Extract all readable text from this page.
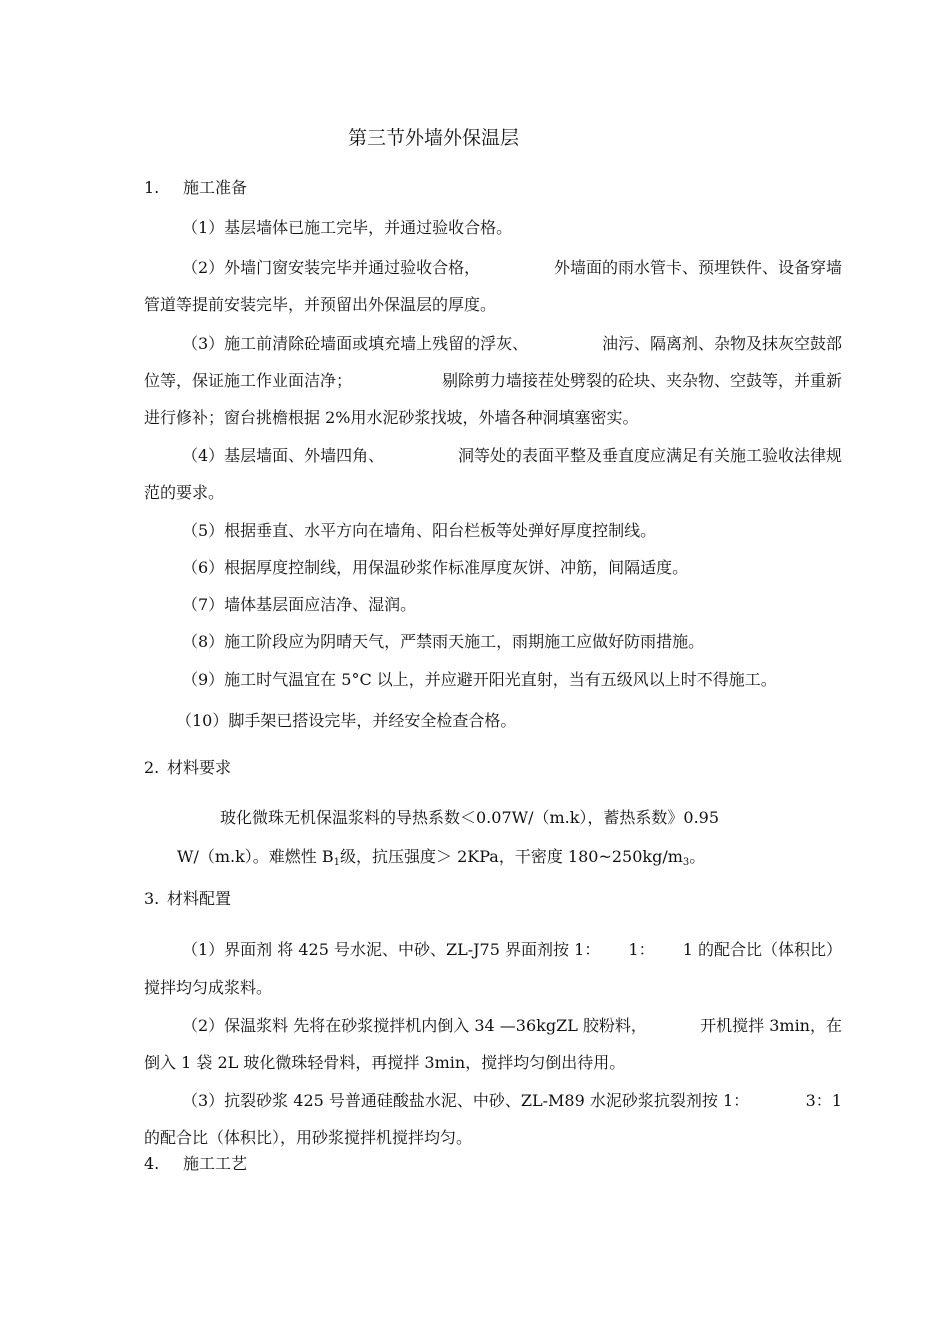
第三节外墙外保温层
1. 施工准备
（1）基层墙体已施工完毕，并通过验收合格。
（2）外墙门窗安装完毕并通过验收合格，	外墙面的雨水管卡、预埋铁件、设备穿墙
管道等提前安装完毕，并预留出外保温层的厚度。
（3）施工前清除砼墙面或填充墙上残留的浮灰、	油污、隔离剂、杂物及抹灰空鼓部
位等，保证施工作业面洁净；	剔除剪力墙接茬处劈裂的砼块、夹杂物、空鼓等，并重新
进行修补；窗台挑檐根据 2%用水泥砂浆找坡，外墙各种洞填塞密实。
（4）基层墙面、外墙四角、	洞等处的表面平整及垂直度应满足有关施工验收法律规
范的要求。
（5）根据垂直、水平方向在墙角、阳台栏板等处弹好厚度控制线。
（6）根据厚度控制线，用保温砂浆作标准厚度灰饼、冲筋，间隔适度。
（7）墙体基层面应洁净、湿润。
（8）施工阶段应为阴晴天气，严禁雨天施工，雨期施工应做好防雨措施。
（9）施工时气温宜在 5°C 以上，并应避开阳光直射，当有五级风以上时不得施工。
（10）脚手架已搭设完毕，并经安全检查合格。
2. 材料要求
玻化微珠无机保温浆料的导热系数＜0.07W/（m.k），蓄热系数》0.95
W/（m.k）。难燃性 $B_1$级，抗压强度＞ 2KPa，干密度 $180\sim 250kg/m_3$。
3. 材料配置
（1）界面剂 将 425 号水泥、中砂、ZL-J75 界面剂按 1： 1： 1 的配合比（体积比）
搅拌均匀成浆料。
（2）保温浆料 先将在砂浆搅拌机内倒入 34 —36kgZL 胶粉料，	开机搅拌 3min，在
倒入 1 袋 2L 玻化微珠轻骨料，再搅拌 3min，搅拌均匀倒出待用。
（3）抗裂砂浆 425 号普通硅酸盐水泥、中砂、ZL-M89 水泥砂浆抗裂剂按 1：	3：1
的配合比（体积比），用砂浆搅拌机搅拌均匀。
4. 施工工艺
